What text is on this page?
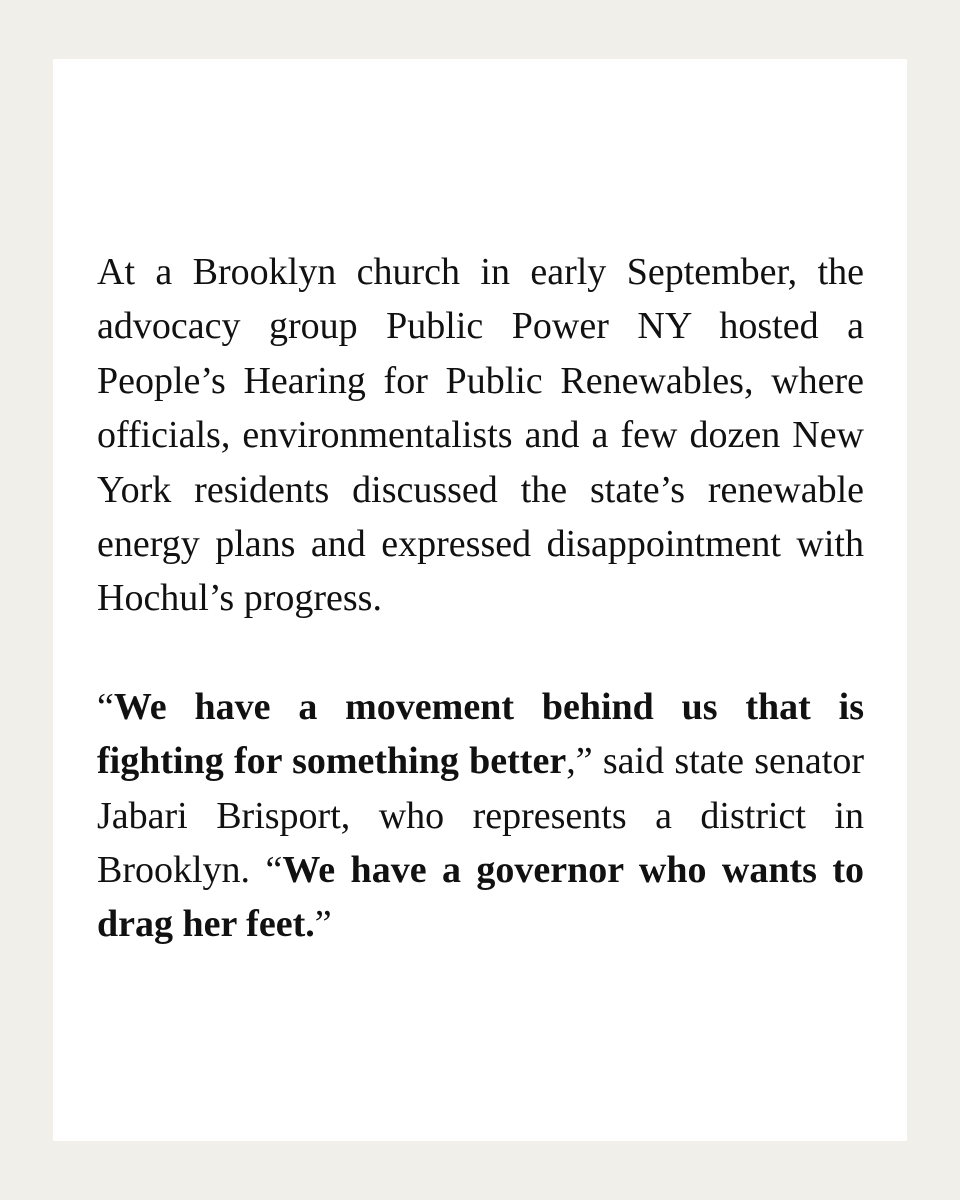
At a Brooklyn church in early September, the advocacy group Public Power NY hosted a People’s Hearing for Public Renewables, where officials, environmentalists and a few dozen New York residents discussed the state’s renewable energy plans and expressed disappointment with Hochul’s progress.

“We have a movement behind us that is fighting for something better,” said state senator Jabari Brisport, who represents a district in Brooklyn. “We have a governor who wants to drag her feet.”
